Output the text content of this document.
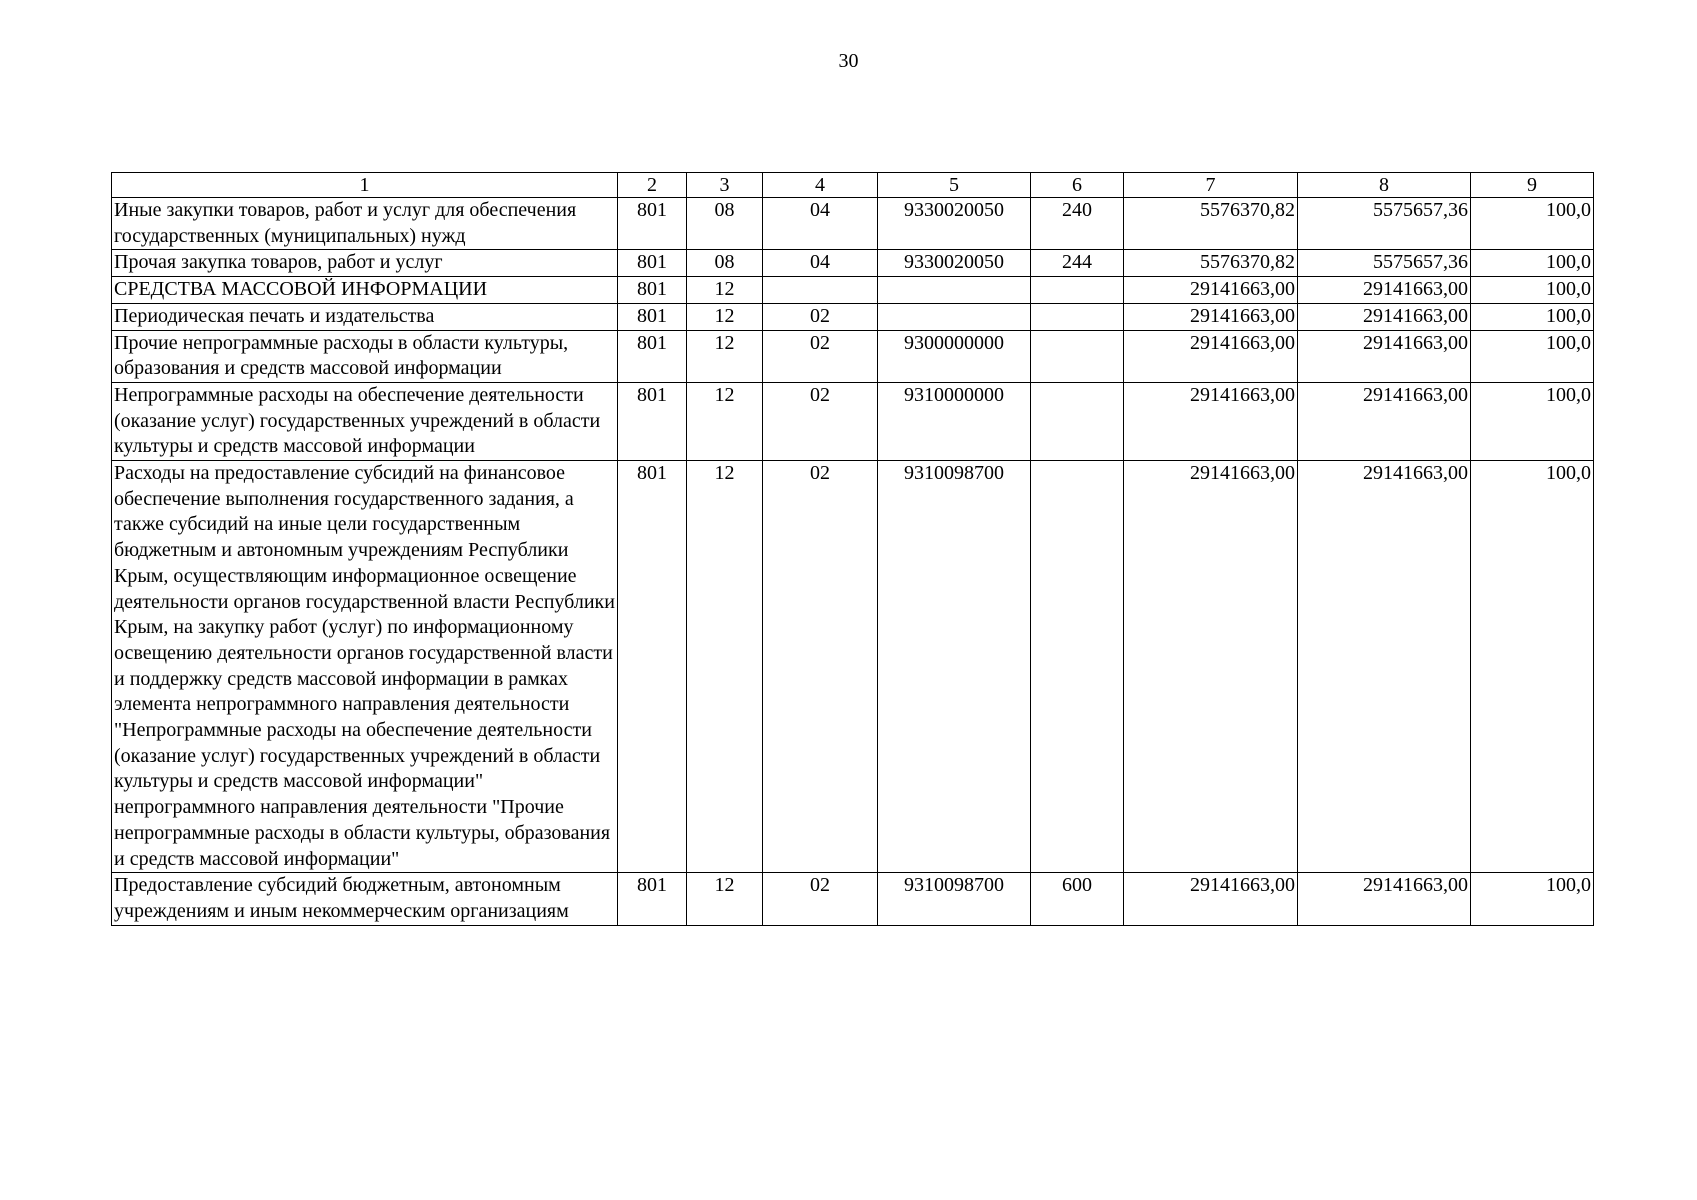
30
1	2	3	4	5	6	7	8	9
Иные закупки товаров, работ и услуг для обеспечения государственных (муниципальных) нужд	801	08	04	9330020050	240	5576370,82	5575657,36	100,0
Прочая закупка товаров, работ и услуг	801	08	04	9330020050	244	5576370,82	5575657,36	100,0
СРЕДСТВА МАССОВОЙ ИНФОРМАЦИИ	801	12				29141663,00	29141663,00	100,0
Периодическая печать и издательства	801	12	02			29141663,00	29141663,00	100,0
Прочие непрограммные расходы в области культуры, образования и средств массовой информации	801	12	02	9300000000		29141663,00	29141663,00	100,0
Непрограммные расходы на обеспечение деятельности (оказание услуг) государственных учреждений в области культуры и средств массовой информации	801	12	02	9310000000		29141663,00	29141663,00	100,0
Расходы на предоставление субсидий на финансовое обеспечение выполнения государственного задания, а также субсидий на иные цели государственным бюджетным и автономным учреждениям Республики Крым, осуществляющим информационное освещение деятельности органов государственной власти Республики Крым, на закупку работ (услуг) по информационному освещению деятельности органов государственной власти и поддержку средств массовой информации в рамках элемента непрограммного направления деятельности "Непрограммные расходы на обеспечение деятельности (оказание услуг) государственных учреждений в области культуры и средств массовой информации" непрограммного направления деятельности "Прочие непрограммные расходы в области культуры, образования и средств массовой информации"	801	12	02	9310098700		29141663,00	29141663,00	100,0
Предоставление субсидий бюджетным, автономным учреждениям и иным некоммерческим организациям	801	12	02	9310098700	600	29141663,00	29141663,00	100,0
